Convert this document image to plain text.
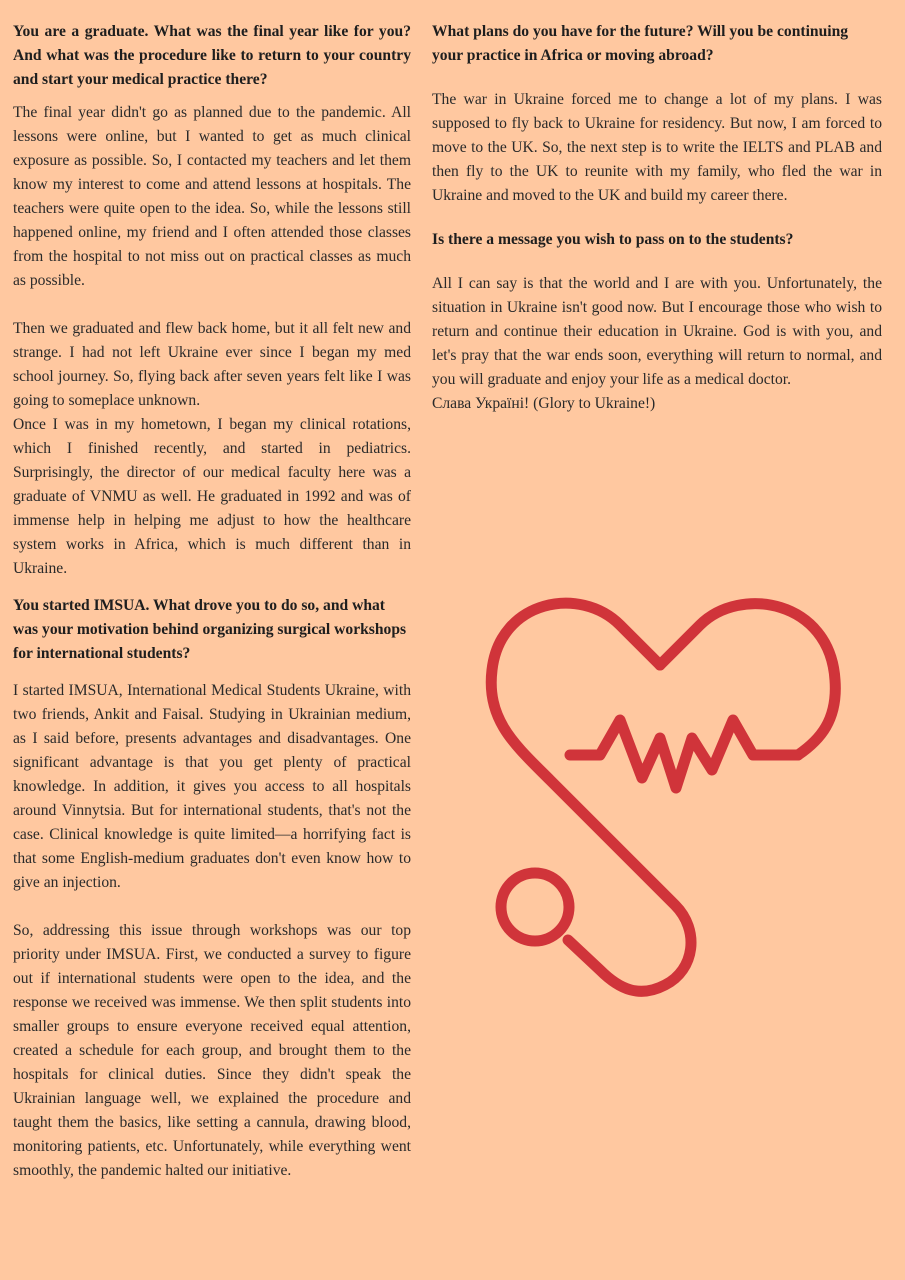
You are a graduate. What was the final year like for you? And what was the procedure like to return to your country and start your medical practice there?

The final year didn't go as planned due to the pandemic. All lessons were online, but I wanted to get as much clinical exposure as possible. So, I contacted my teachers and let them know my interest to come and attend lessons at hospitals. The teachers were quite open to the idea. So, while the lessons still happened online, my friend and I often attended those classes from the hospital to not miss out on practical classes as much as possible.

Then we graduated and flew back home, but it all felt new and strange. I had not left Ukraine ever since I began my med school journey. So, flying back after seven years felt like I was going to someplace unknown.

Once I was in my hometown, I began my clinical rotations, which I finished recently, and started in pediatrics. Surprisingly, the director of our medical faculty here was a graduate of VNMU as well. He graduated in 1992 and was of immense help in helping me adjust to how the healthcare system works in Africa, which is much different than in Ukraine.

You started IMSUA. What drove you to do so, and what was your motivation behind organizing surgical workshops for international students?

I started IMSUA, International Medical Students Ukraine, with two friends, Ankit and Faisal. Studying in Ukrainian medium, as I said before, presents advantages and disadvantages. One significant advantage is that you get plenty of practical knowledge. In addition, it gives you access to all hospitals around Vinnytsia. But for international students, that's not the case. Clinical knowledge is quite limited—a horrifying fact is that some English-medium graduates don't even know how to give an injection.

So, addressing this issue through workshops was our top priority under IMSUA. First, we conducted a survey to figure out if international students were open to the idea, and the response we received was immense. We then split students into smaller groups to ensure everyone received equal attention, created a schedule for each group, and brought them to the hospitals for clinical duties. Since they didn't speak the Ukrainian language well, we explained the procedure and taught them the basics, like setting a cannula, drawing blood, monitoring patients, etc. Unfortunately, while everything went smoothly, the pandemic halted our initiative.

What plans do you have for the future? Will you be continuing your practice in Africa or moving abroad?

The war in Ukraine forced me to change a lot of my plans. I was supposed to fly back to Ukraine for residency. But now, I am forced to move to the UK. So, the next step is to write the IELTS and PLAB and then fly to the UK to reunite with my family, who fled the war in Ukraine and moved to the UK and build my career there.

Is there a message you wish to pass on to the students?

All I can say is that the world and I are with you. Unfortunately, the situation in Ukraine isn't good now. But I encourage those who wish to return and continue their education in Ukraine. God is with you, and let's pray that the war ends soon, everything will return to normal, and you will graduate and enjoy your life as a medical doctor.

Слава Україні! (Glory to Ukraine!)
